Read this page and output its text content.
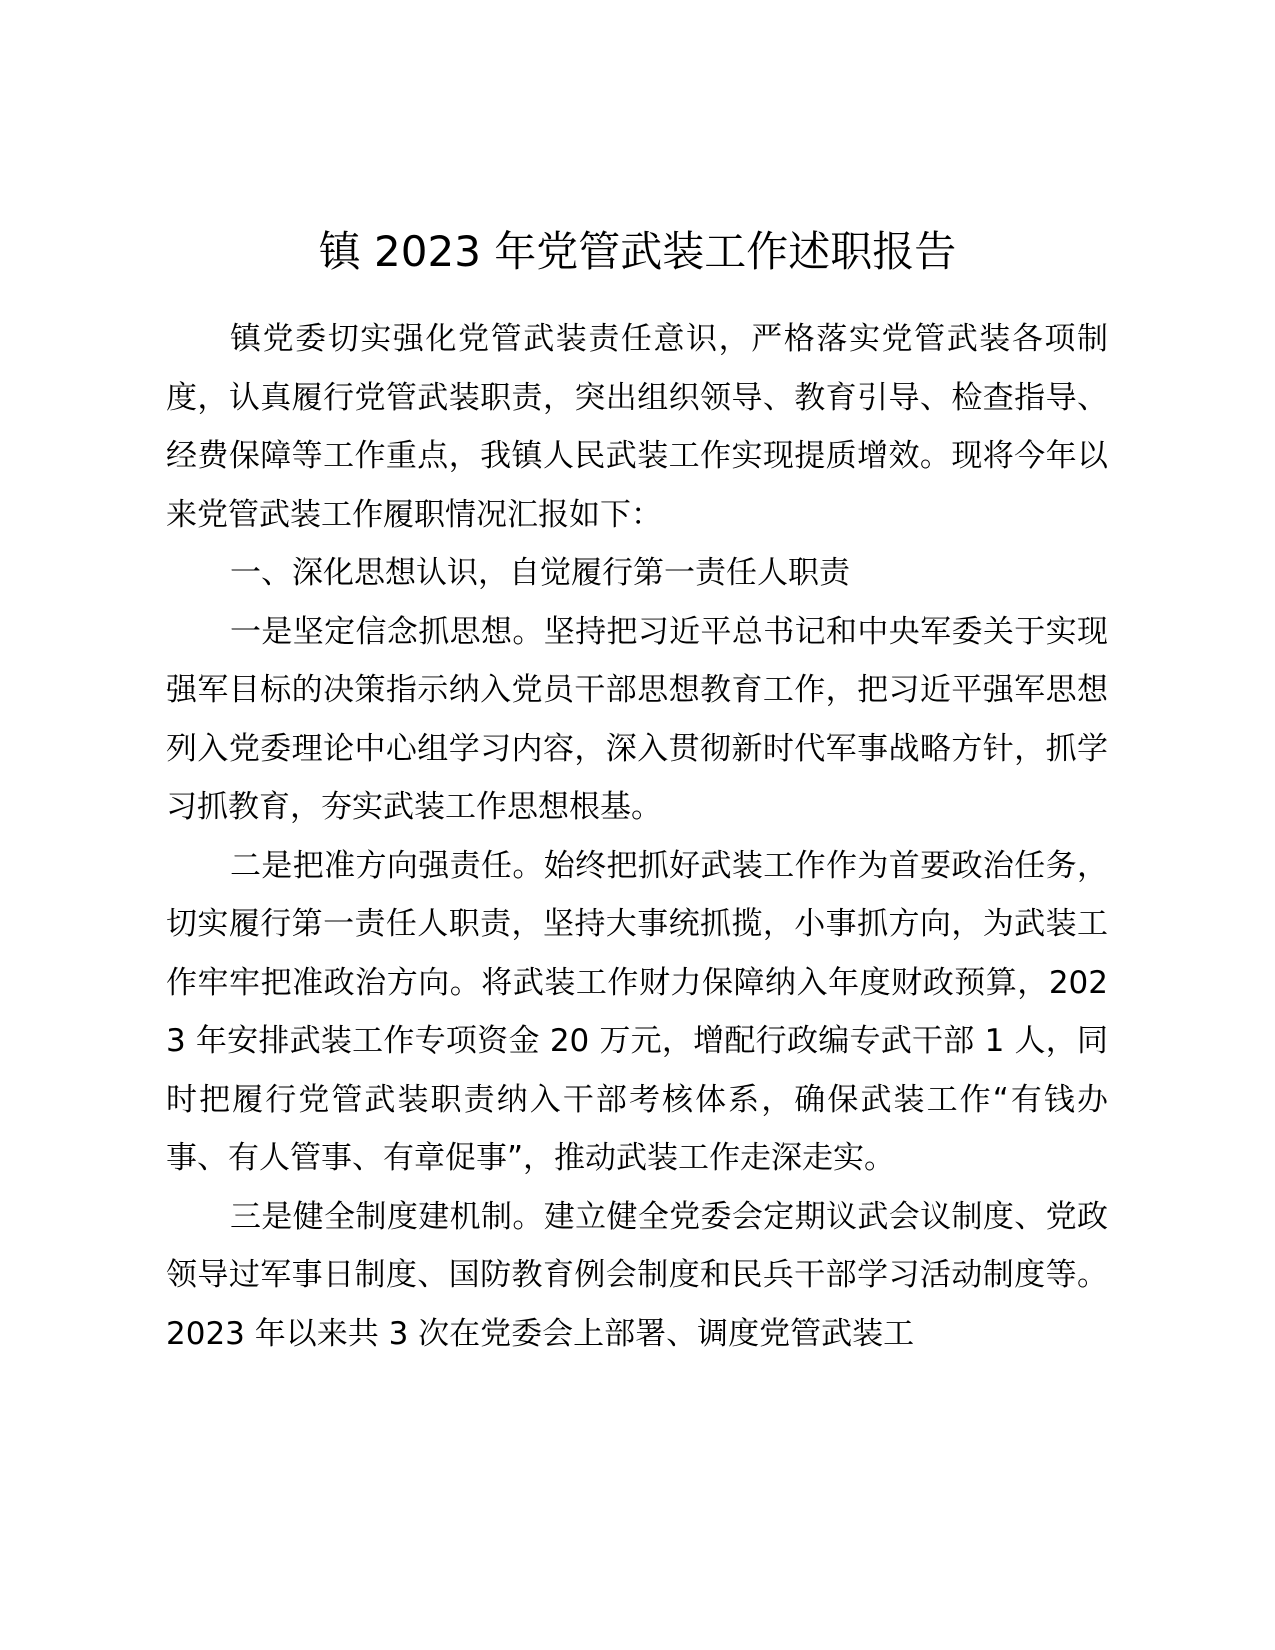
镇 2023 年党管武装工作述职报告

镇党委切实强化党管武装责任意识，严格落实党管武装各项制度，认真履行党管武装职责，突出组织领导、教育引导、检查指导、经费保障等工作重点，我镇人民武装工作实现提质增效。现将今年以来党管武装工作履职情况汇报如下：

一、深化思想认识，自觉履行第一责任人职责

一是坚定信念抓思想。坚持把习近平总书记和中央军委关于实现强军目标的决策指示纳入党员干部思想教育工作，把习近平强军思想列入党委理论中心组学习内容，深入贯彻新时代军事战略方针，抓学习抓教育，夯实武装工作思想根基。

二是把准方向强责任。始终把抓好武装工作作为首要政治任务，切实履行第一责任人职责，坚持大事统抓揽，小事抓方向，为武装工作牢牢把准政治方向。将武装工作财力保障纳入年度财政预算，2023 年安排武装工作专项资金 20 万元，增配行政编专武干部 1 人，同时把履行党管武装职责纳入干部考核体系，确保武装工作“有钱办事、有人管事、有章促事”，推动武装工作走深走实。

三是健全制度建机制。建立健全党委会定期议武会议制度、党政领导过军事日制度、国防教育例会制度和民兵干部学习活动制度等。2023 年以来共 3 次在党委会上部署、调度党管武装工
